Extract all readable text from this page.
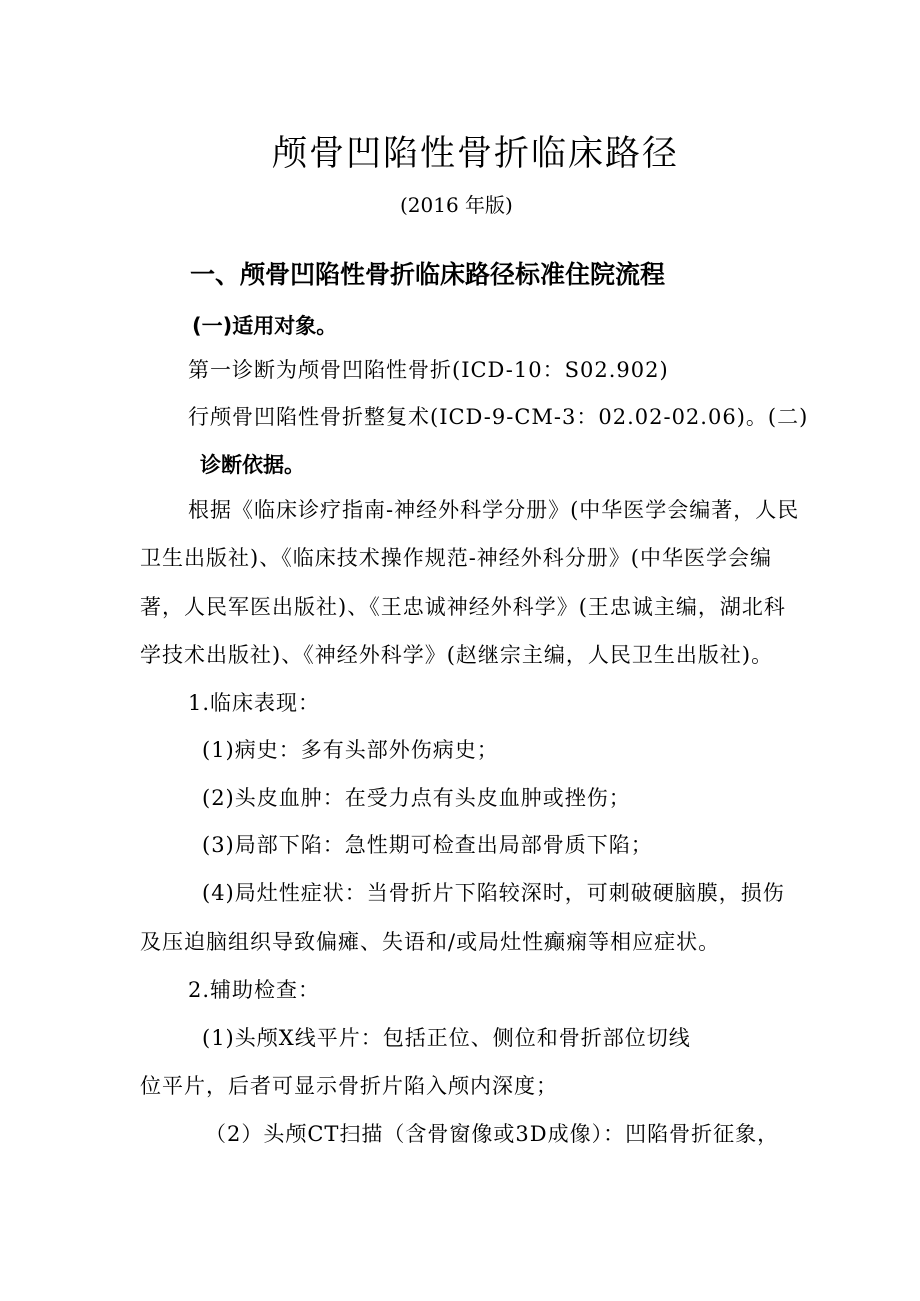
颅骨凹陷性骨折临床路径
(2016 年版)
一、颅骨凹陷性骨折临床路径标准住院流程
(一)适用对象。
第一诊断为颅骨凹陷性骨折(ICD-10：S02.902)
行颅骨凹陷性骨折整复术(ICD-9-CM-3：02.02-02.06)。(二)
诊断依据。
根据《临床诊疗指南-神经外科学分册》(中华医学会编著，人民
卫生出版社)、《临床技术操作规范-神经外科分册》(中华医学会编
著，人民军医出版社)、《王忠诚神经外科学》(王忠诚主编，湖北科
学技术出版社)、《神经外科学》(赵继宗主编，人民卫生出版社)。
1.临床表现：
(1)病史：多有头部外伤病史；
(2)头皮血肿：在受力点有头皮血肿或挫伤；
(3)局部下陷：急性期可检查出局部骨质下陷；
(4)局灶性症状：当骨折片下陷较深时，可刺破硬脑膜，损伤
及压迫脑组织导致偏瘫、失语和/或局灶性癫痫等相应症状。
2.辅助检查：
(1)头颅X线平片：包括正位、侧位和骨折部位切线
位平片，后者可显示骨折片陷入颅内深度；
（2）头颅CT扫描（含骨窗像或3D成像）：凹陷骨折征象，
